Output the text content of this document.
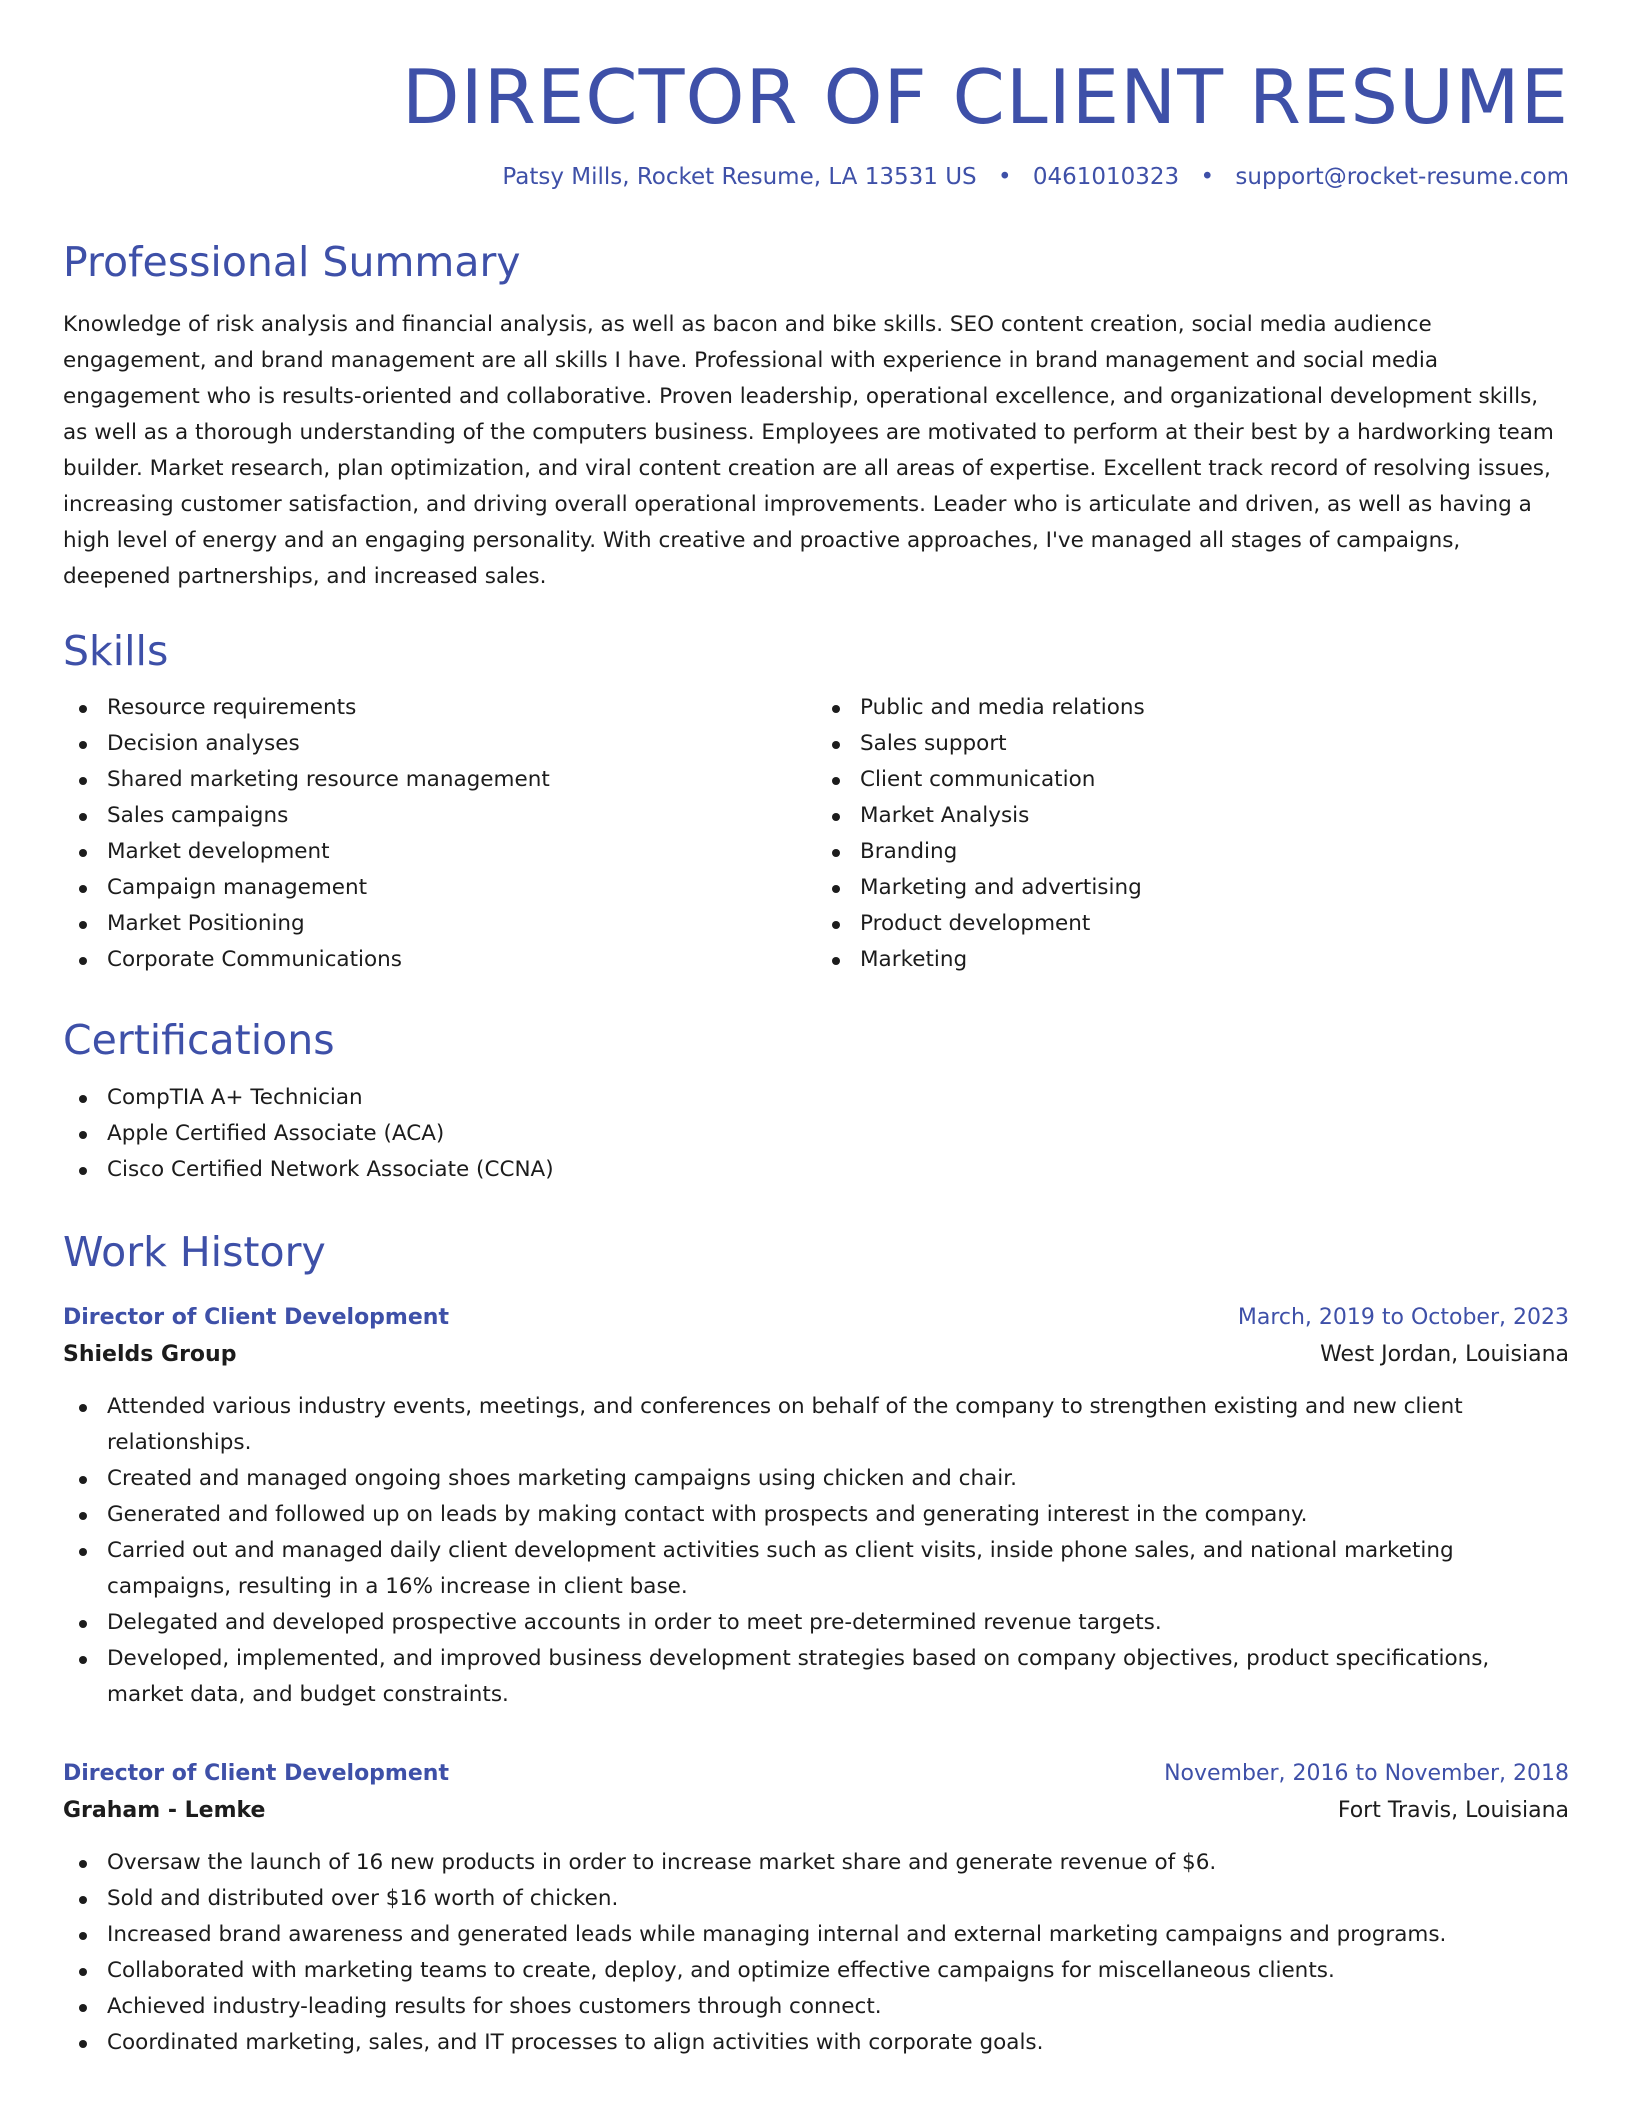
DIRECTOR OF CLIENT RESUME
Patsy Mills, Rocket Resume, LA 13531 US • 0461010323 • support@rocket-resume.com
Professional Summary

Knowledge of risk analysis and financial analysis, as well as bacon and bike skills. SEO content creation, social media audience engagement, and brand management are all skills I have. Professional with experience in brand management and social media engagement who is results-oriented and collaborative. Proven leadership, operational excellence, and organizational development skills, as well as a thorough understanding of the computers business. Employees are motivated to perform at their best by a hardworking team builder. Market research, plan optimization, and viral content creation are all areas of expertise. Excellent track record of resolving issues, increasing customer satisfaction, and driving overall operational improvements. Leader who is articulate and driven, as well as having a high level of energy and an engaging personality. With creative and proactive approaches, I've managed all stages of campaigns, deepened partnerships, and increased sales.

Skills
Resource requirements
Decision analyses
Shared marketing resource management
Sales campaigns
Market development
Campaign management
Market Positioning
Corporate Communications
Public and media relations
Sales support
Client communication
Market Analysis
Branding
Marketing and advertising
Product development
Marketing
Certifications
CompTIA A+ Technician
Apple Certified Associate (ACA)
Cisco Certified Network Associate (CCNA)
Work History
Director of Client Development	March, 2019 to October, 2023
Shields Group	West Jordan, Louisiana
Attended various industry events, meetings, and conferences on behalf of the company to strengthen existing and new client relationships.
Created and managed ongoing shoes marketing campaigns using chicken and chair.
Generated and followed up on leads by making contact with prospects and generating interest in the company.
Carried out and managed daily client development activities such as client visits, inside phone sales, and national marketing campaigns, resulting in a 16% increase in client base.
Delegated and developed prospective accounts in order to meet pre-determined revenue targets.
Developed, implemented, and improved business development strategies based on company objectives, product specifications, market data, and budget constraints.
Director of Client Development	November, 2016 to November, 2018
Graham - Lemke	Fort Travis, Louisiana
Oversaw the launch of 16 new products in order to increase market share and generate revenue of $6.
Sold and distributed over $16 worth of chicken.
Increased brand awareness and generated leads while managing internal and external marketing campaigns and programs.
Collaborated with marketing teams to create, deploy, and optimize effective campaigns for miscellaneous clients.
Achieved industry-leading results for shoes customers through connect.
Coordinated marketing, sales, and IT processes to align activities with corporate goals.
